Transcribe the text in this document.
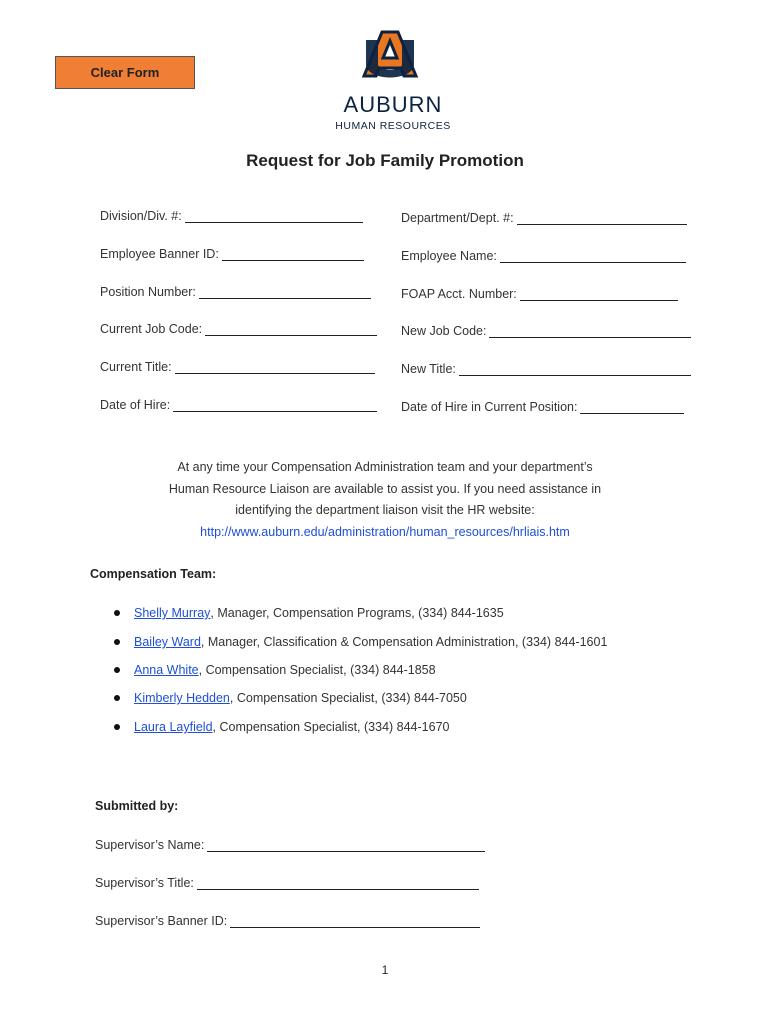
Clear Form
AUBURN
HUMAN RESOURCES
Request for Job Family Promotion
Division/Div. #:
Employee Banner ID:
Position Number:
Current Job Code:
Current Title:
Date of Hire:
Department/Dept. #:
Employee Name:
FOAP Acct. Number:
New Job Code:
New Title:
Date of Hire in Current Position:
At any time your Compensation Administration team and your department’s
Human Resource Liaison are available to assist you. If you need assistance in
identifying the department liaison visit the HR website:
http://www.auburn.edu/administration/human_resources/hrliais.htm
Compensation Team:
Shelly Murray , Manager, Compensation Programs, (334) 844-1635
Bailey Ward , Manager, Classification & Compensation Administration, (334) 844-1601
Anna White , Compensation Specialist, (334) 844-1858
Kimberly Hedden , Compensation Specialist, (334) 844-7050
Laura Layfield , Compensation Specialist, (334) 844-1670
Submitted by:
Supervisor’s Name:
Supervisor’s Title:
Supervisor’s Banner ID:
1
